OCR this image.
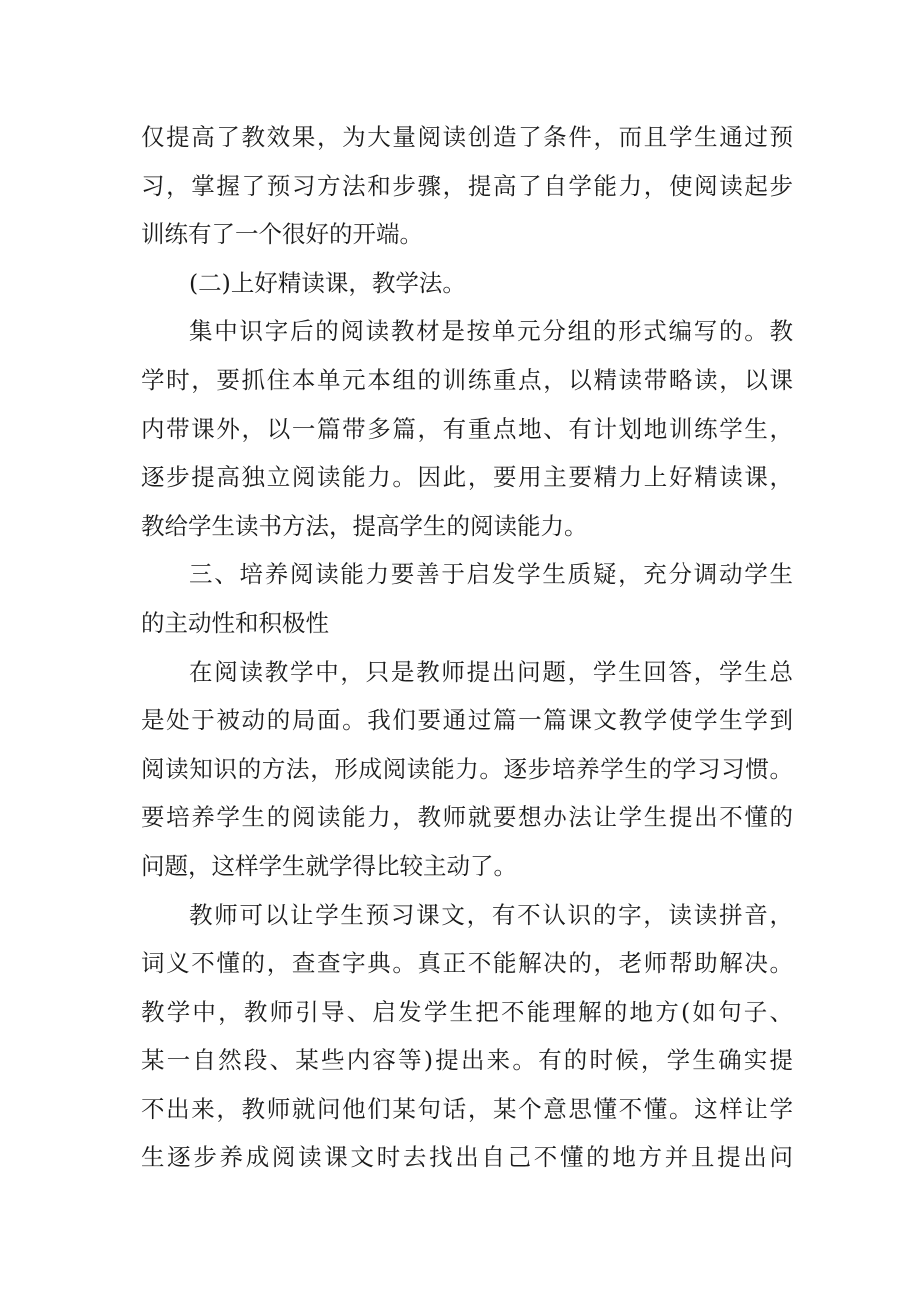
仅提高了教效果，为大量阅读创造了条件，而且学生通过预
习，掌握了预习方法和步骤，提高了自学能力，使阅读起步
训练有了一个很好的开端。
(二)上好精读课，教学法。
集中识字后的阅读教材是按单元分组的形式编写的。教
学时，要抓住本单元本组的训练重点，以精读带略读，以课
内带课外，以一篇带多篇，有重点地、有计划地训练学生，
逐步提高独立阅读能力。因此，要用主要精力上好精读课，
教给学生读书方法，提高学生的阅读能力。
三、培养阅读能力要善于启发学生质疑，充分调动学生
的主动性和积极性
在阅读教学中，只是教师提出问题，学生回答，学生总
是处于被动的局面。我们要通过篇一篇课文教学使学生学到
阅读知识的方法，形成阅读能力。逐步培养学生的学习习惯。
要培养学生的阅读能力，教师就要想办法让学生提出不懂的
问题，这样学生就学得比较主动了。
教师可以让学生预习课文，有不认识的字，读读拼音，
词义不懂的，查查字典。真正不能解决的，老师帮助解决。
教学中，教师引导、启发学生把不能理解的地方(如句子、
某一自然段、某些内容等)提出来。有的时候，学生确实提
不出来，教师就问他们某句话，某个意思懂不懂。这样让学
生逐步养成阅读课文时去找出自己不懂的地方并且提出问
